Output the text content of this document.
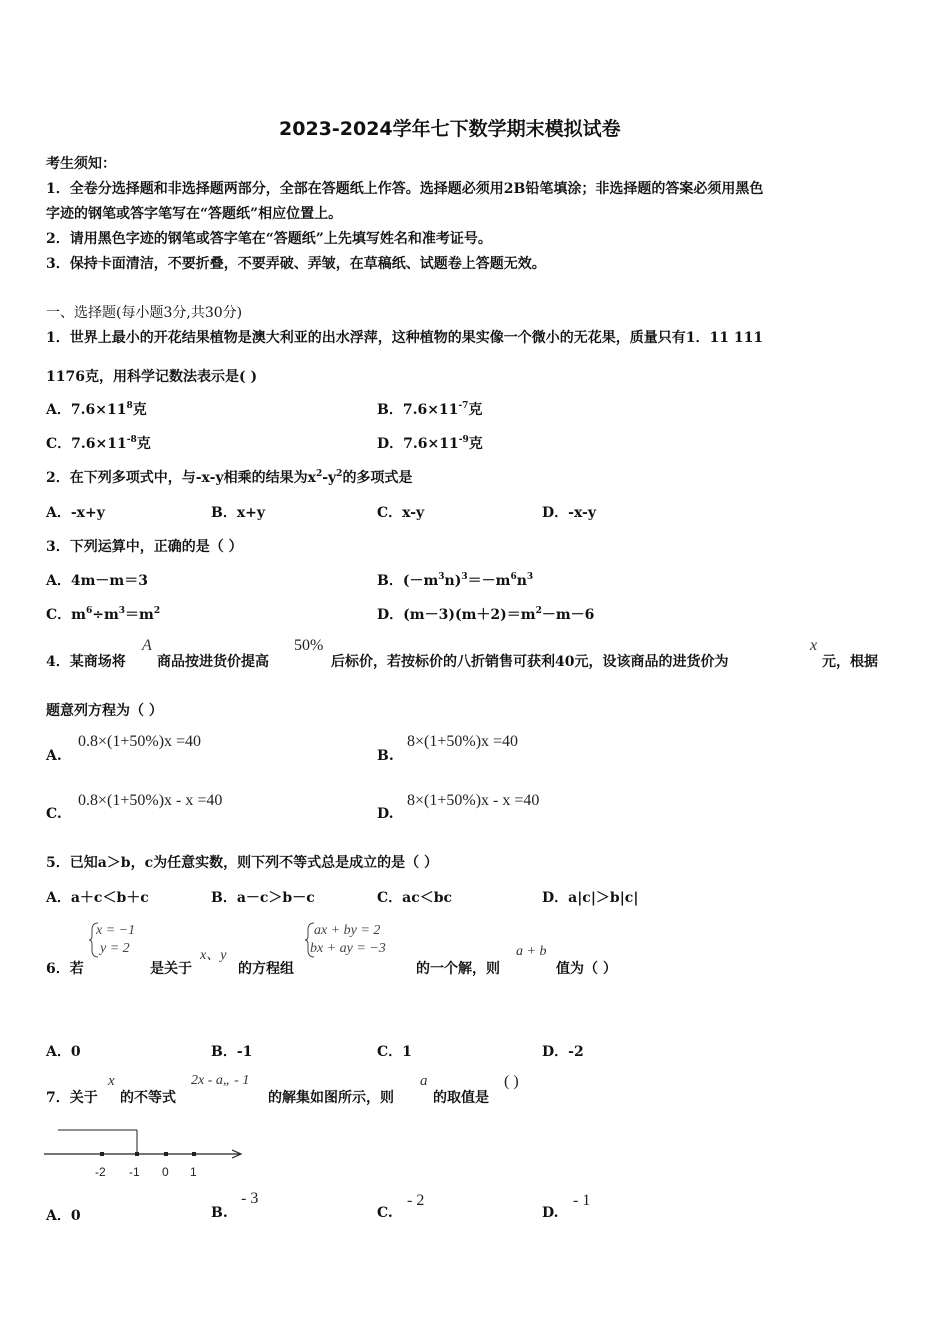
2023-2024学年七下数学期末模拟试卷
考生须知：
1．全卷分选择题和非选择题两部分，全部在答题纸上作答。选择题必须用2B铅笔填涂；非选择题的答案必须用黑色
字迹的钢笔或答字笔写在“答题纸”相应位置上。
2．请用黑色字迹的钢笔或答字笔在“答题纸”上先填写姓名和准考证号。
3．保持卡面清洁，不要折叠，不要弄破、弄皱，在草稿纸、试题卷上答题无效。
一、选择题(每小题3分,共30分)
1．世界上最小的开花结果植物是澳大利亚的出水浮萍，这种植物的果实像一个微小的无花果，质量只有1．11 111
1176克，用科学记数法表示是( )
A．$7.6\times 11^8$克	B．$7.6\times 11^{-7}$克
C．$7.6\times 11^{-8}$克	D．$7.6\times 11^{-9}$克
2．在下列多项式中，与-x-y相乘的结果为$x^2-y^2$的多项式是
A．-x+y	B．x+y	C．x-y	D．-x-y
3．下列运算中，正确的是（ ）
A．4m－m＝3	B．$(-m^3n)^3=-m^6n^3$
C．$m^6\div m^3=m^2$	D．$(m-3)(m+2)=m^2-m-6$
4．某商场将
A
商品按进货价提高
50%
后标价，若按标价的八折销售可获利40元，设该商品的进货价为
x
元，根据
题意列方程为（ ）
A.
0.8×(1+50%)x =40
B.
8×(1+50%)x =40
C.
0.8×(1+50%)x - x =40
D.
8×(1+50%)x - x =40
5．已知a＞b，c为任意实数，则下列不等式总是成立的是（ ）
A．a＋c＜b＋c	B．a－c＞b－c	C．ac＜bc	D．a|c|＞b|c|
6．若
x = −1
y = 2
是关于
x、y
的方程组
ax + by = 2
bx + ay = −3
的一个解，则
a + b
值为（ ）
A．0	B．-1	C．1	D．-2
7．关于
x
的不等式
2x - a„ - 1
的解集如图所示，则
a
的取值是
( )
-2 -1 0 1
A．0	B.
- 3
C.
- 2
D.
- 1
